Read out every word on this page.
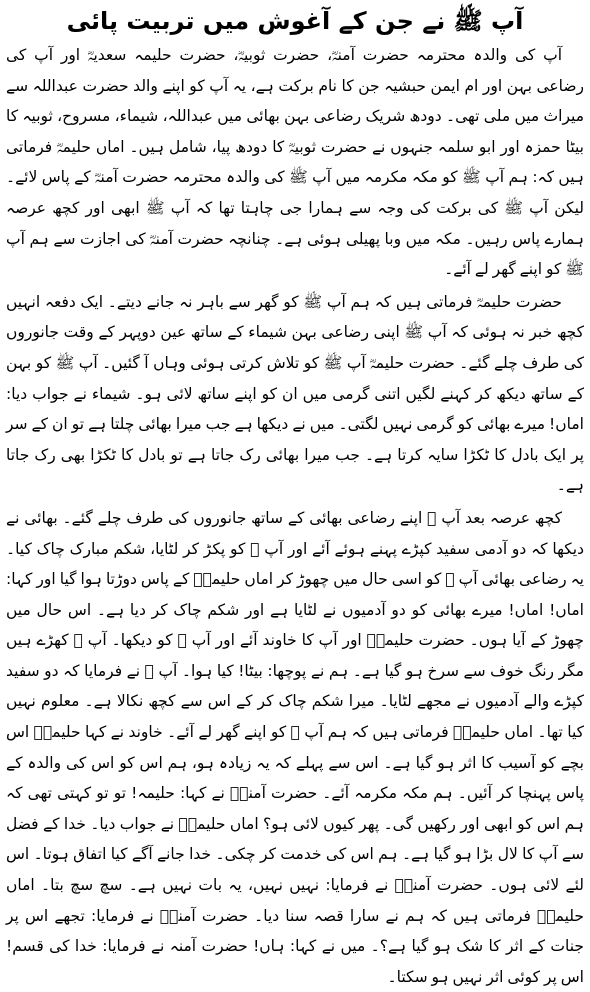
آپ ﷺ نے جن کے آغوش میں تربیت پائی

آپ کی والدہ محترمہ حضرت آمنہؓ، حضرت ثوبیہؓ، حضرت حلیمہ سعدیہؓ اور آپ کی رضاعی بہن اور ام ایمن حبشیہ جن کا نام برکت ہے، یہ آپ کو اپنے والد حضرت عبداللہ سے میراث میں ملی تھی۔ دودھ شریک رضاعی بہن بھائی میں عبداللہ، شیماء، مسروح، ثوبیہ کا بیٹا حمزہ اور ابو سلمہ جنہوں نے حضرت ثوبیہؓ کا دودھ پیا، شامل ہیں۔ اماں حلیمہؓ فرماتی ہیں کہ: ہم آپ ﷺ کو مکہ مکرمہ میں آپ ﷺ کی والدہ محترمہ حضرت آمنہؓ کے پاس لائے۔ لیکن آپ ﷺ کی برکت کی وجہ سے ہمارا جی چاہتا تھا کہ آپ ﷺ ابھی اور کچھ عرصہ ہمارے پاس رہیں۔ مکہ میں وبا پھیلی ہوئی ہے۔ چنانچہ حضرت آمنہؓ کی اجازت سے ہم آپ ﷺ کو اپنے گھر لے آئے۔

حضرت حلیمہؓ فرماتی ہیں کہ ہم آپ ﷺ کو گھر سے باہر نہ جانے دیتے۔ ایک دفعہ انہیں کچھ خبر نہ ہوئی کہ آپ ﷺ اپنی رضاعی بہن شیماء کے ساتھ عین دوپہر کے وقت جانوروں کی طرف چلے گئے۔ حضرت حلیمہؓ آپ ﷺ کو تلاش کرتی ہوئی وہاں آ گئیں۔ آپ ﷺ کو بہن کے ساتھ دیکھ کر کہنے لگیں اتنی گرمی میں ان کو اپنے ساتھ لائی ہو۔ شیماء نے جواب دیا: اماں! میرے بھائی کو گرمی نہیں لگتی۔ میں نے دیکھا ہے جب میرا بھائی چلتا ہے تو ان کے سر پر ایک بادل کا ٹکڑا سایہ کرتا ہے۔ جب میرا بھائی رک جاتا ہے تو بادل کا ٹکڑا بھی رک جاتا ہے۔

کچھ عرصہ بعد آپ ﷺ اپنے رضاعی بھائی کے ساتھ جانوروں کی طرف چلے گئے۔ بھائی نے دیکھا کہ دو آدمی سفید کپڑے پہنے ہوئے آئے اور آپ ﷺ کو پکڑ کر لٹایا، شکم مبارک چاک کیا۔ یہ رضاعی بھائی آپ ﷺ کو اسی حال میں چھوڑ کر اماں حلیمہؓ کے پاس دوڑتا ہوا گیا اور کہا: اماں! اماں! میرے بھائی کو دو آدمیوں نے لٹایا ہے اور شکم چاک کر دیا ہے۔ اس حال میں چھوڑ کے آیا ہوں۔ حضرت حلیمہؓ اور آپ کا خاوند آئے اور آپ ﷺ کو دیکھا۔ آپ ﷺ کھڑے ہیں مگر رنگ خوف سے سرخ ہو گیا ہے۔ ہم نے پوچھا: بیٹا! کیا ہوا۔ آپ ﷺ نے فرمایا کہ دو سفید کپڑے والے آدمیوں نے مجھے لٹایا۔ میرا شکم چاک کر کے اس سے کچھ نکالا ہے۔ معلوم نہیں کیا تھا۔ اماں حلیمہؓ فرماتی ہیں کہ ہم آپ ﷺ کو اپنے گھر لے آئے۔ خاوند نے کہا حلیمہؓ اس بچے کو آسیب کا اثر ہو گیا ہے۔ اس سے پہلے کہ یہ زیادہ ہو، ہم اس کو اس کی والدہ کے پاس پہنچا کر آئیں۔ ہم مکہ مکرمہ آئے۔ حضرت آمنہؓ نے کہا: حلیمہ! تو تو کہتی تھی کہ ہم اس کو ابھی اور رکھیں گی۔ پھر کیوں لائی ہو؟ اماں حلیمہؓ نے جواب دیا۔ خدا کے فضل سے آپ کا لال بڑا ہو گیا ہے۔ ہم اس کی خدمت کر چکی۔ خدا جانے آگے کیا اتفاق ہوتا۔ اس لئے لائی ہوں۔ حضرت آمنہؓ نے فرمایا: نہیں نہیں، یہ بات نہیں ہے۔ سچ سچ بتا۔ اماں حلیمہؓ فرماتی ہیں کہ ہم نے سارا قصہ سنا دیا۔ حضرت آمنہؓ نے فرمایا: تجھے اس پر جنات کے اثر کا شک ہو گیا ہے؟۔ میں نے کہا: ہاں! حضرت آمنہ نے فرمایا: خدا کی قسم! اس پر کوئی اثر نہیں ہو سکتا۔
